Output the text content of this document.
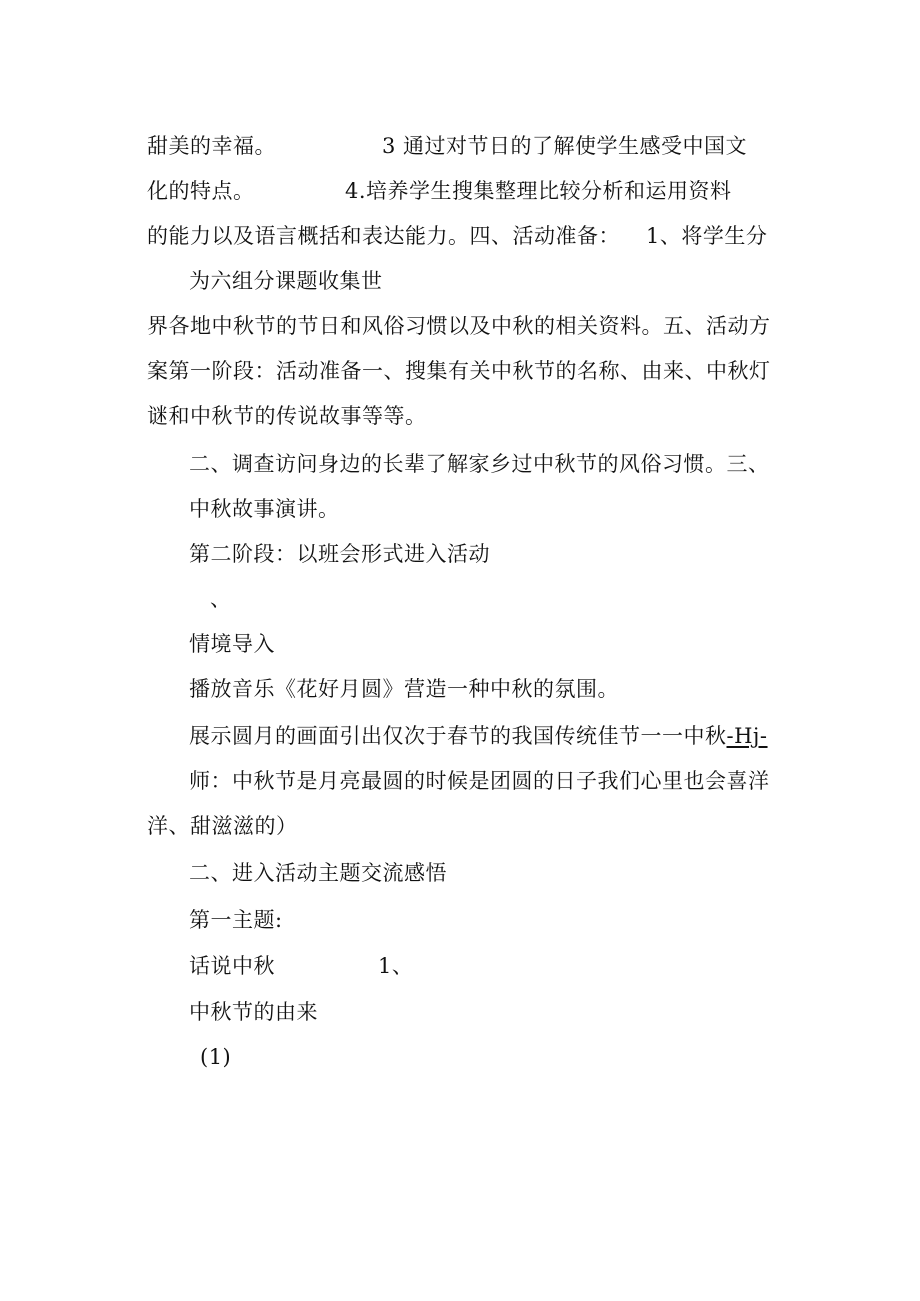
甜美的幸福。	3 通过对节日的了解使学生感受中国文
化的特点。	4.培养学生搜集整理比较分析和运用资料
的能力以及语言概括和表达能力。四、活动准备： 1、将学生分
为六组分课题收集世
界各地中秋节的节日和风俗习惯以及中秋的相关资料。五、活动方
案第一阶段：活动准备一、搜集有关中秋节的名称、由来、中秋灯
谜和中秋节的传说故事等等。
二、调查访问身边的长辈了解家乡过中秋节的风俗习惯。三、
中秋故事演讲。
第二阶段：以班会形式进入活动
、
情境导入
播放音乐《花好月圆》营造一种中秋的氛围。
展示圆月的画面引出仅次于春节的我国传统佳节一一中秋-Hj-
师：中秋节是月亮最圆的时候是团圆的日子我们心里也会喜洋
洋、甜滋滋的）
二、进入活动主题交流感悟
第一主题:
话说中秋	1、
中秋节的由来
(1)
